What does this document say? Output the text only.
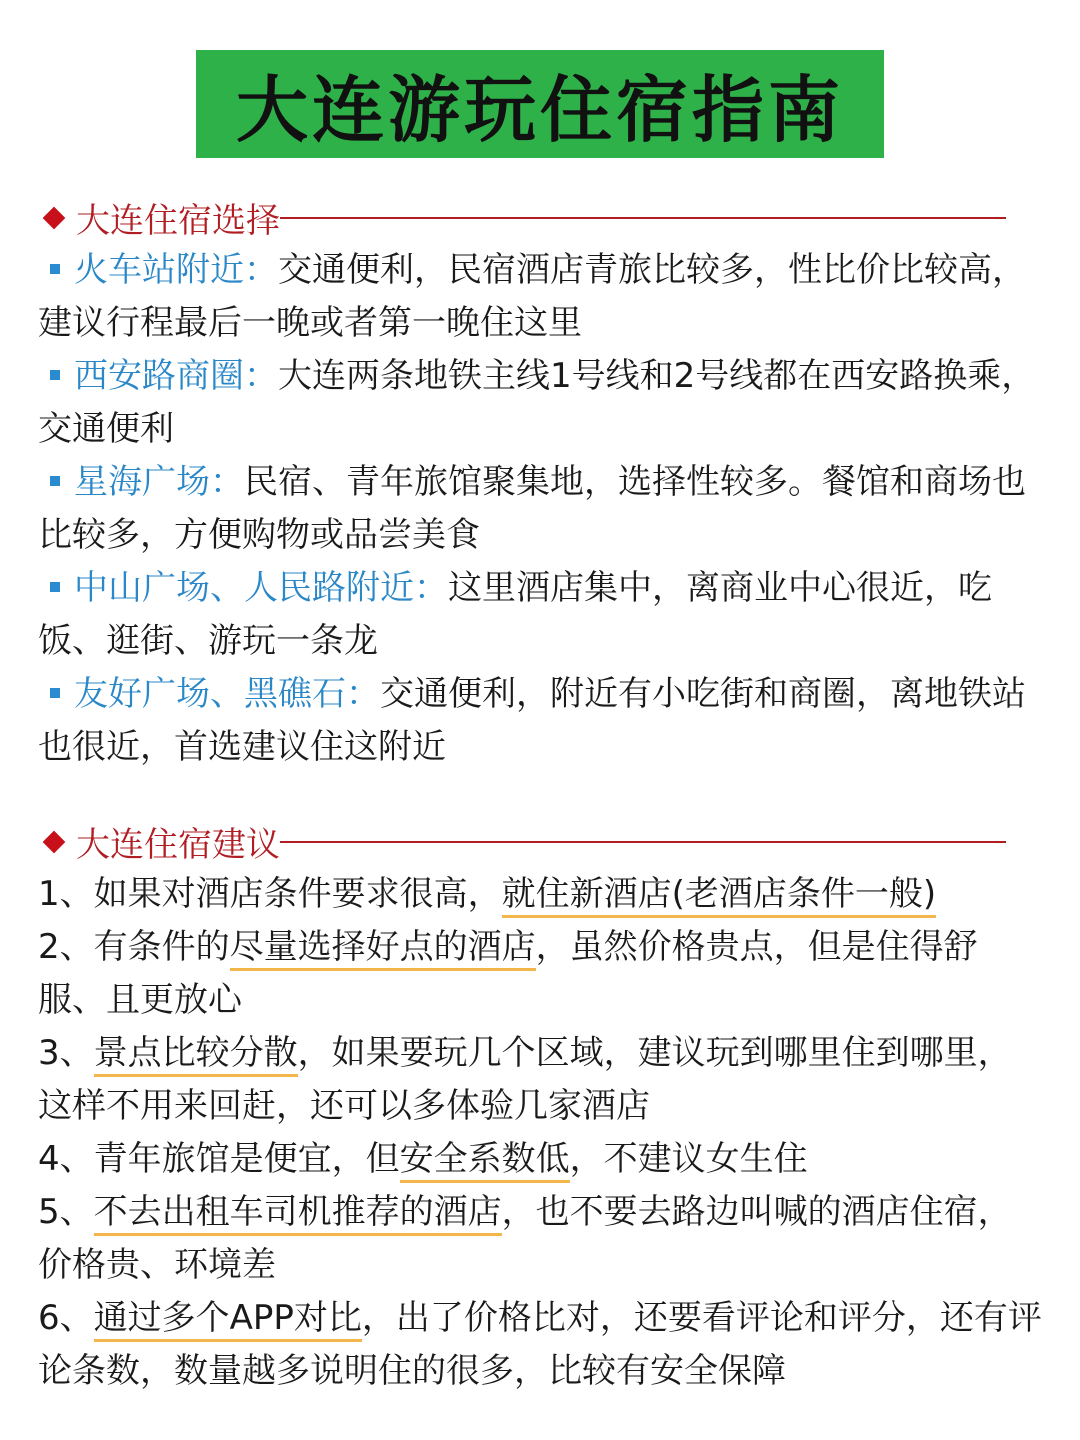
大连游玩住宿指南
大连住宿选择

火车站附近：交通便利，民宿酒店青旅比较多，性比价比较高，建议行程最后一晚或者第一晚住这里

西安路商圈：大连两条地铁主线1号线和2号线都在西安路换乘，交通便利

星海广场：民宿、青年旅馆聚集地，选择性较多。餐馆和商场也比较多，方便购物或品尝美食

中山广场、人民路附近：这里酒店集中，离商业中心很近，吃饭、逛街、游玩一条龙

友好广场、黑礁石：交通便利，附近有小吃街和商圈，离地铁站也很近，首选建议住这附近

大连住宿建议

1、如果对酒店条件要求很高，就住新酒店(老酒店条件一般)

2、有条件的尽量选择好点的酒店，虽然价格贵点，但是住得舒服、且更放心

3、景点比较分散，如果要玩几个区域，建议玩到哪里住到哪里，这样不用来回赶，还可以多体验几家酒店

4、青年旅馆是便宜，但安全系数低，不建议女生住

5、不去出租车司机推荐的酒店，也不要去路边叫喊的酒店住宿，价格贵、环境差

6、通过多个APP对比，出了价格比对，还要看评论和评分，还有评论条数，数量越多说明住的很多，比较有安全保障
